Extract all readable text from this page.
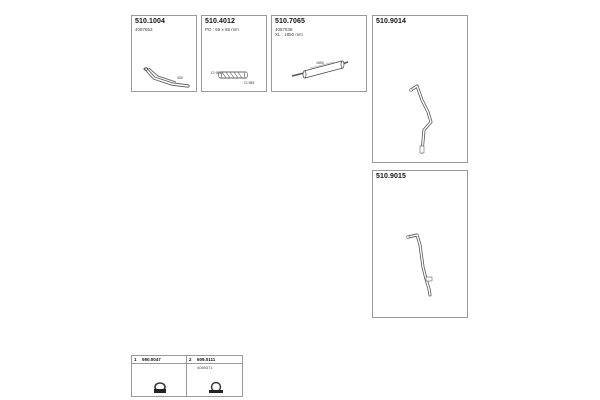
510.1004
4087863
400
510.4012
PO : 55 x 55 mm
CI 955
CI 955
510.7065
4087838
XL : 1850 mm
1850
510.9014
510.9015
1 590.0047	2 609.0111
4069371
